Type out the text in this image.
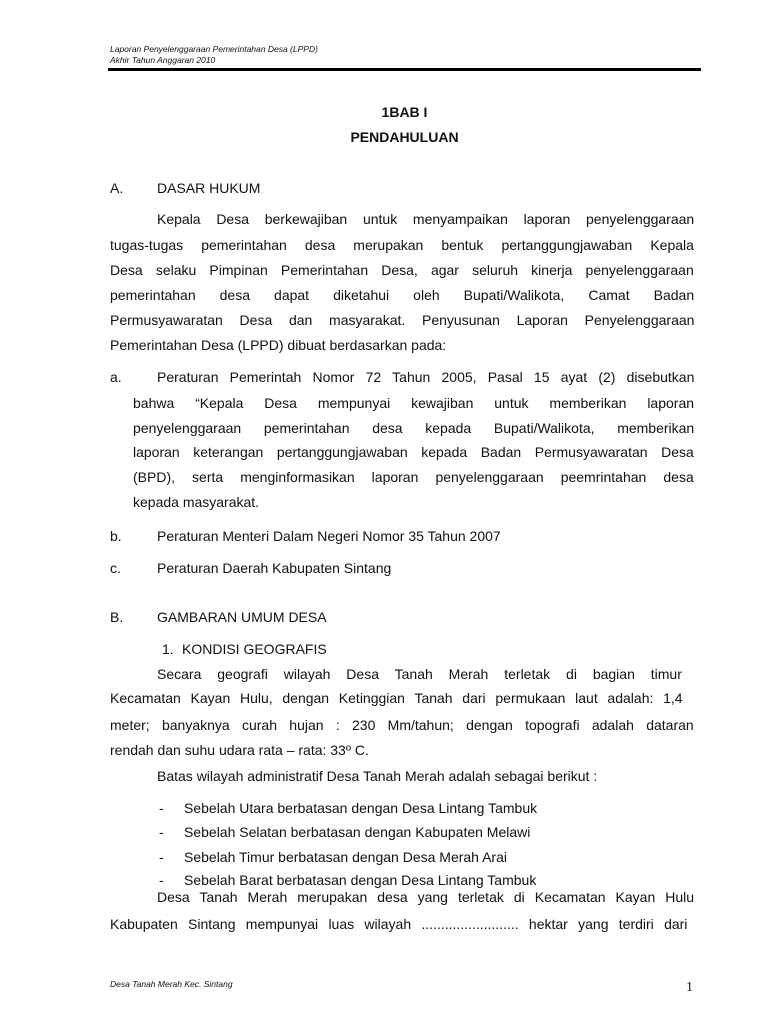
Laporan Penyelenggaraan Pemerintahan Desa (LPPD)
Akhir Tahun Anggaran 2010
1BAB I
PENDAHULUAN
A. DASAR HUKUM
Kepala Desa berkewajiban untuk menyampaikan laporan penyelenggaraan
tugas-tugas pemerintahan desa merupakan bentuk pertanggungjawaban Kepala
Desa selaku Pimpinan Pemerintahan Desa, agar seluruh kinerja penyelenggaraan
pemerintahan desa dapat diketahui oleh Bupati/Walikota, Camat Badan
Permusyawaratan Desa dan masyarakat. Penyusunan Laporan Penyelenggaraan
Pemerintahan Desa (LPPD) dibuat berdasarkan pada:
a.	Peraturan Pemerintah Nomor 72 Tahun 2005, Pasal 15 ayat (2) disebutkan
bahwa “Kepala Desa mempunyai kewajiban untuk memberikan laporan
penyelenggaraan pemerintahan desa kepada Bupati/Walikota, memberikan
laporan keterangan pertanggungjawaban kepada Badan Permusyawaratan Desa
(BPD), serta menginformasikan laporan penyelenggaraan peemrintahan desa
kepada masyarakat.
b.	Peraturan Menteri Dalam Negeri Nomor 35 Tahun 2007
c.	Peraturan Daerah Kabupaten Sintang
B. GAMBARAN UMUM DESA
1. KONDISI GEOGRAFIS
Secara geografi wilayah Desa Tanah Merah terletak di bagian timur
Kecamatan Kayan Hulu, dengan Ketinggian Tanah dari permukaan laut adalah: 1,4
meter; banyaknya curah hujan : 230 Mm/tahun; dengan topografi adalah dataran
rendah dan suhu udara rata – rata: 33º C.
Batas wilayah administratif Desa Tanah Merah adalah sebagai berikut :
- Sebelah Utara berbatasan dengan Desa Lintang Tambuk
- Sebelah Selatan berbatasan dengan Kabupaten Melawi
- Sebelah Timur berbatasan dengan Desa Merah Arai
- Sebelah Barat berbatasan dengan Desa Lintang Tambuk
Desa Tanah Merah merupakan desa yang terletak di Kecamatan Kayan Hulu
Kabupaten Sintang mempunyai luas wilayah ......................... hektar yang terdiri dari
Desa Tanah Merah Kec. Sintang	1
